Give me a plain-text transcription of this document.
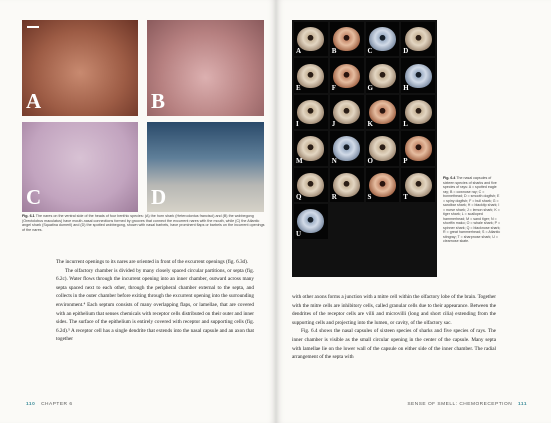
A	B
C	D
Fig. 6.1 The nares on the ventral side of the heads of four benthic species: (A) the horn shark (Heterodontus francisci) and (B) the wobbegong (Orectolobus maculatus) have mouth-nasal connections formed by grooves that connect the excurrent nares with the mouth, while (C) the Atlantic angel shark (Squatina dumeril) and (D) the spotted wobbegong, shown with nasal barbels, have prominent flaps or barbels on the incurrent openings of the nares.

The incurrent openings to its nares are oriented in front of the excurrent openings (fig. 6.3d).

The olfactory chamber is divided by many closely spaced circular partitions, or septa (fig. 6.2c). Water flows through the incurrent opening into an inner chamber, outward across many septa spaced next to each other, through the peripheral chamber external to the septa, and collects in the outer chamber before exiting through the excurrent opening into the surrounding environment.⁴ Each septum consists of many overlapping flaps, or lamellae, that are covered with an epithelium that senses chemicals with receptor cells distributed on their outer and inner sides. The surface of the epithelium is entirely covered with receptor and supporting cells (fig. 6.2d).⁵ A receptor cell has a single dendrite that extends into the nasal capsule and an axon that together

110 CHAPTER 6
A	B	C	D
E	F	G	H
I	J	K	L
M	N	O	P
Q	R	S	T
U
Fig. 6.4 The nasal capsules of sixteen species of sharks and five species of rays: A = spotted eagle ray; B = cownose ray; C = bonnethead; D = smooth dogfish; E = spiny dogfish; F = bull shark; G = sandbar shark; H = blacktip shark; I = nurse shark; J = lemon shark; K = tiger shark; L = scalloped hammerhead; M = sand tiger; N = shortfin mako; O = whale shark; P = spinner shark; Q = blacknose shark; R = great hammerhead; S = Atlantic stingray; T = sharpnose shark; U = clearnose skate.

with other axons forms a junction with a mitre cell within the olfactory lobe of the brain. Together with the mitre cells are inhibitory cells, called granular cells due to their appearance. Between the dendrites of the receptor cells are villi and microvilli (long and short cilia) extending from the supporting cells and projecting into the lumen, or cavity, of the olfactory sac.

Fig. 6.4 shows the nasal capsules of sixteen species of sharks and five species of rays. The inner chamber is visible as the small circular opening in the center of the capsule. Many septa with lamellae lie on the lower wall of the capsule on either side of the inner chamber. The radial arrangement of the septa with

SENSE OF SMELL: CHEMORECEPTION 111
